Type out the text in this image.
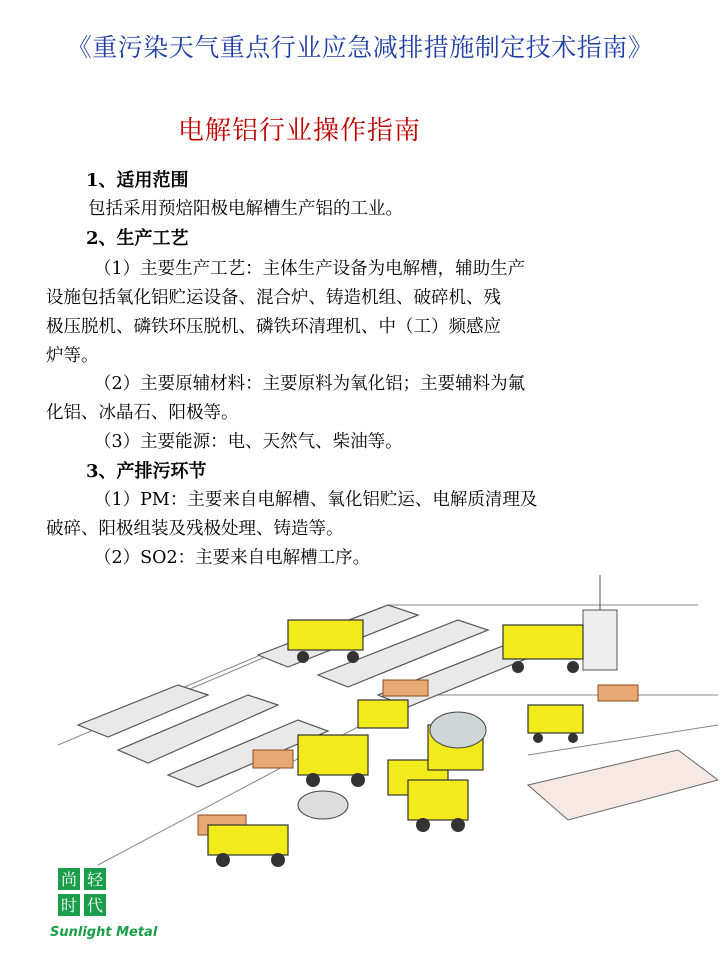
《重污染天气重点行业应急减排措施制定技术指南》
电解铝行业操作指南
1、适用范围
包括采用预焙阳极电解槽生产铝的工业。
2、生产工艺
（1）主要生产工艺：主体生产设备为电解槽，辅助生产
设施包括氧化铝贮运设备、混合炉、铸造机组、破碎机、残
极压脱机、磷铁环压脱机、磷铁环清理机、中（工）频感应
炉等。
（2）主要原辅材料：主要原料为氧化铝；主要辅料为氟
化铝、冰晶石、阳极等。
（3）主要能源：电、天然气、柴油等。
3、产排污环节
（1）PM：主要来自电解槽、氧化铝贮运、电解质清理及
破碎、阳极组装及残极处理、铸造等。
（2）SO2：主要来自电解槽工序。
尚 轻
时 代
Sunlight Metal
